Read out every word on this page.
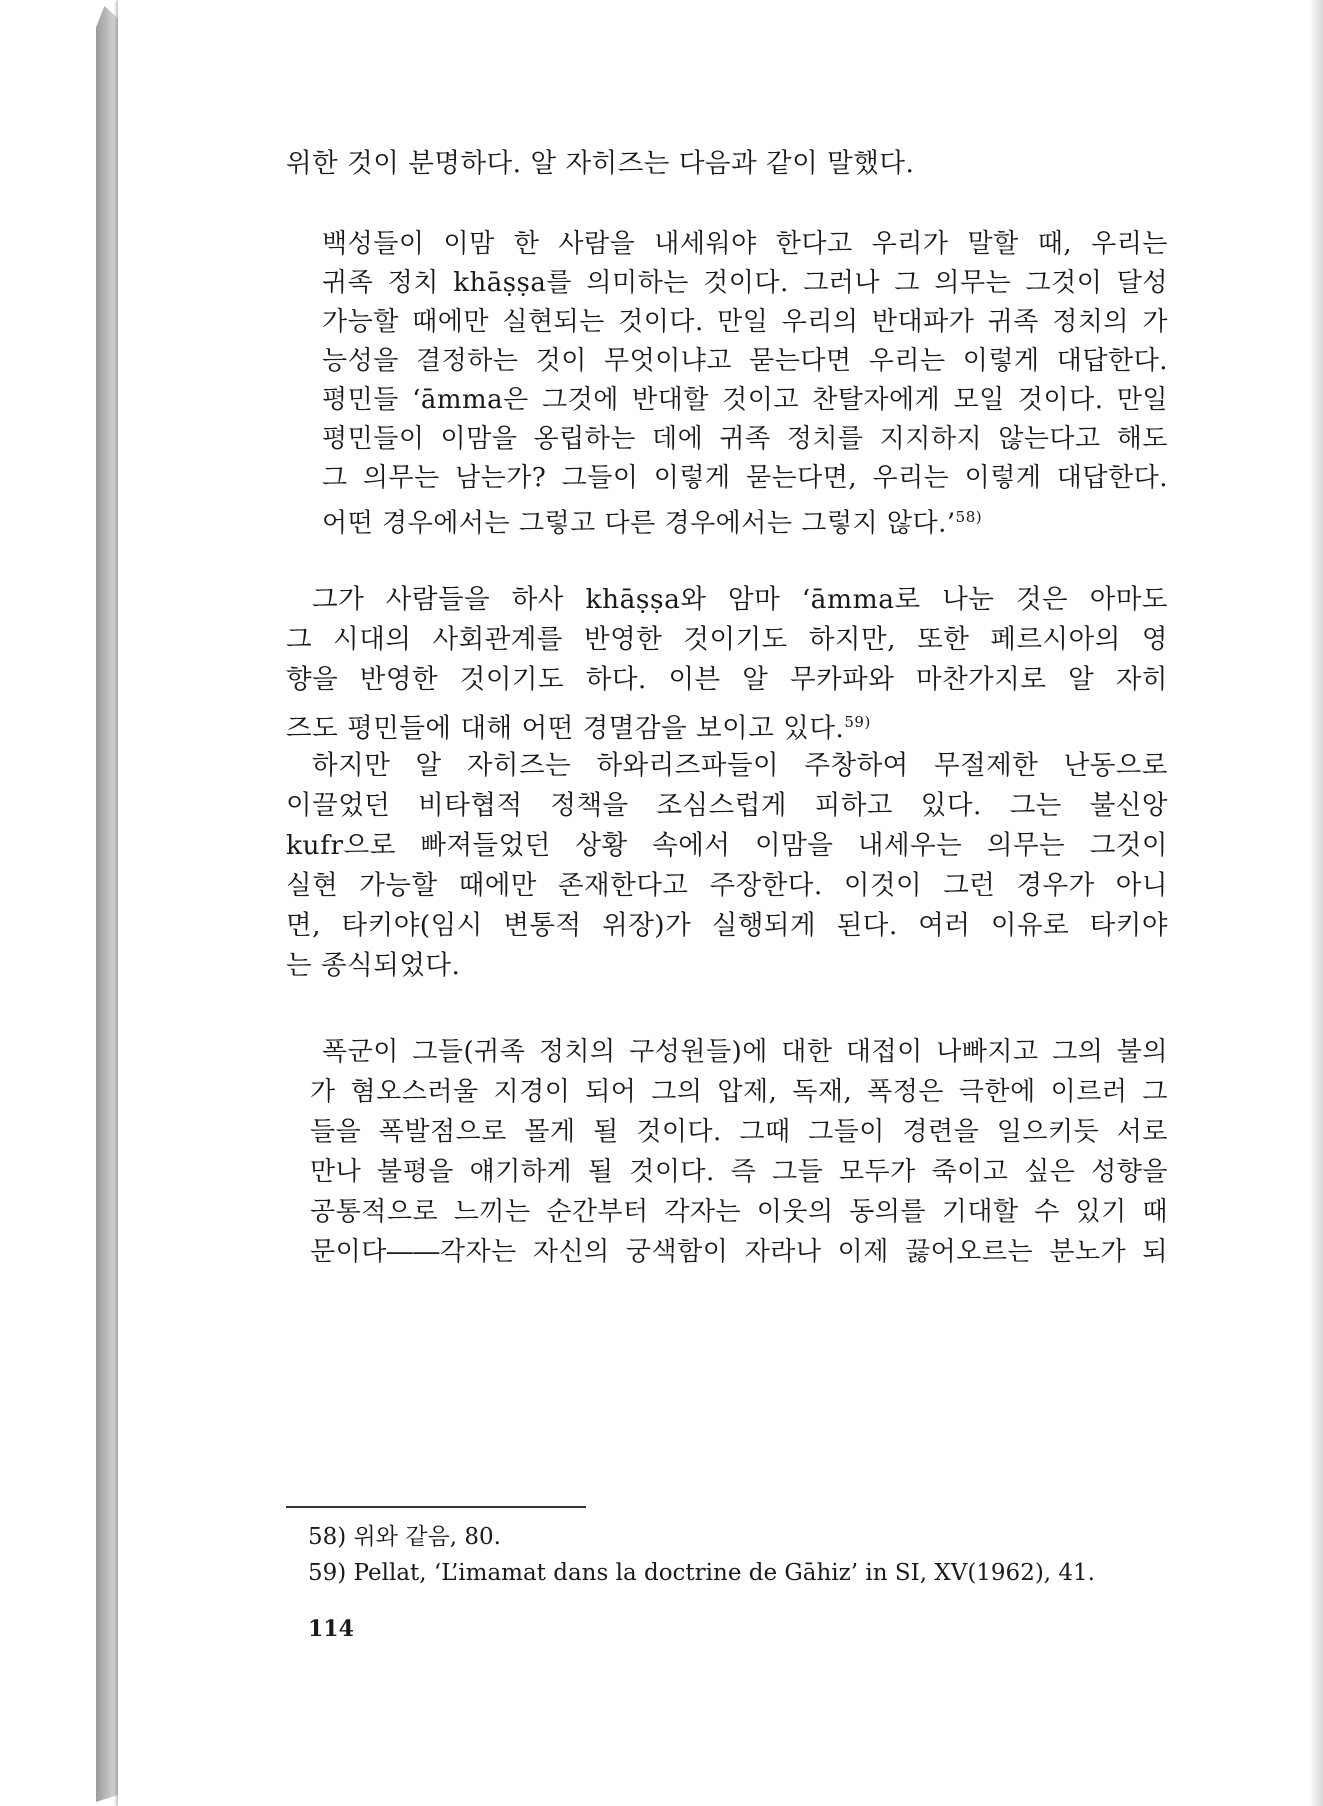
위한 것이 분명하다. 알 자히즈는 다음과 같이 말했다.
백성들이 이맘 한 사람을 내세워야 한다고 우리가 말할 때, 우리는
귀족 정치 khāṣṣa를 의미하는 것이다. 그러나 그 의무는 그것이 달성
가능할 때에만 실현되는 것이다. 만일 우리의 반대파가 귀족 정치의 가
능성을 결정하는 것이 무엇이냐고 묻는다면 우리는 이렇게 대답한다.
평민들 ‘āmma은 그것에 반대할 것이고 찬탈자에게 모일 것이다. 만일
평민들이 이맘을 옹립하는 데에 귀족 정치를 지지하지 않는다고 해도
그 의무는 남는가? 그들이 이렇게 묻는다면, 우리는 이렇게 대답한다.
어떤 경우에서는 그렇고 다른 경우에서는 그렇지 않다.’$^{58)}$
그가 사람들을 하사 khāṣṣa와 암마 ‘āmma로 나눈 것은 아마도
그 시대의 사회관계를 반영한 것이기도 하지만, 또한 페르시아의 영
향을 반영한 것이기도 하다. 이븐 알 무카파와 마찬가지로 알 자히
즈도 평민들에 대해 어떤 경멸감을 보이고 있다.$^{59)}$
하지만 알 자히즈는 하와리즈파들이 주창하여 무절제한 난동으로
이끌었던 비타협적 정책을 조심스럽게 피하고 있다. 그는 불신앙
kufr으로 빠져들었던 상황 속에서 이맘을 내세우는 의무는 그것이
실현 가능할 때에만 존재한다고 주장한다. 이것이 그런 경우가 아니
면, 타키야(임시 변통적 위장)가 실행되게 된다. 여러 이유로 타키야
는 종식되었다.
폭군이 그들(귀족 정치의 구성원들)에 대한 대접이 나빠지고 그의 불의
가 혐오스러울 지경이 되어 그의 압제, 독재, 폭정은 극한에 이르러 그
들을 폭발점으로 몰게 될 것이다. 그때 그들이 경련을 일으키듯 서로
만나 불평을 얘기하게 될 것이다. 즉 그들 모두가 죽이고 싶은 성향을
공통적으로 느끼는 순간부터 각자는 이웃의 동의를 기대할 수 있기 때
문이다――각자는 자신의 궁색함이 자라나 이제 끓어오르는 분노가 되
58) 위와 같음, 80.
59) Pellat, ‘L’imamat dans la doctrine de Gāhiz’ in SI, XV(1962), 41.
114
